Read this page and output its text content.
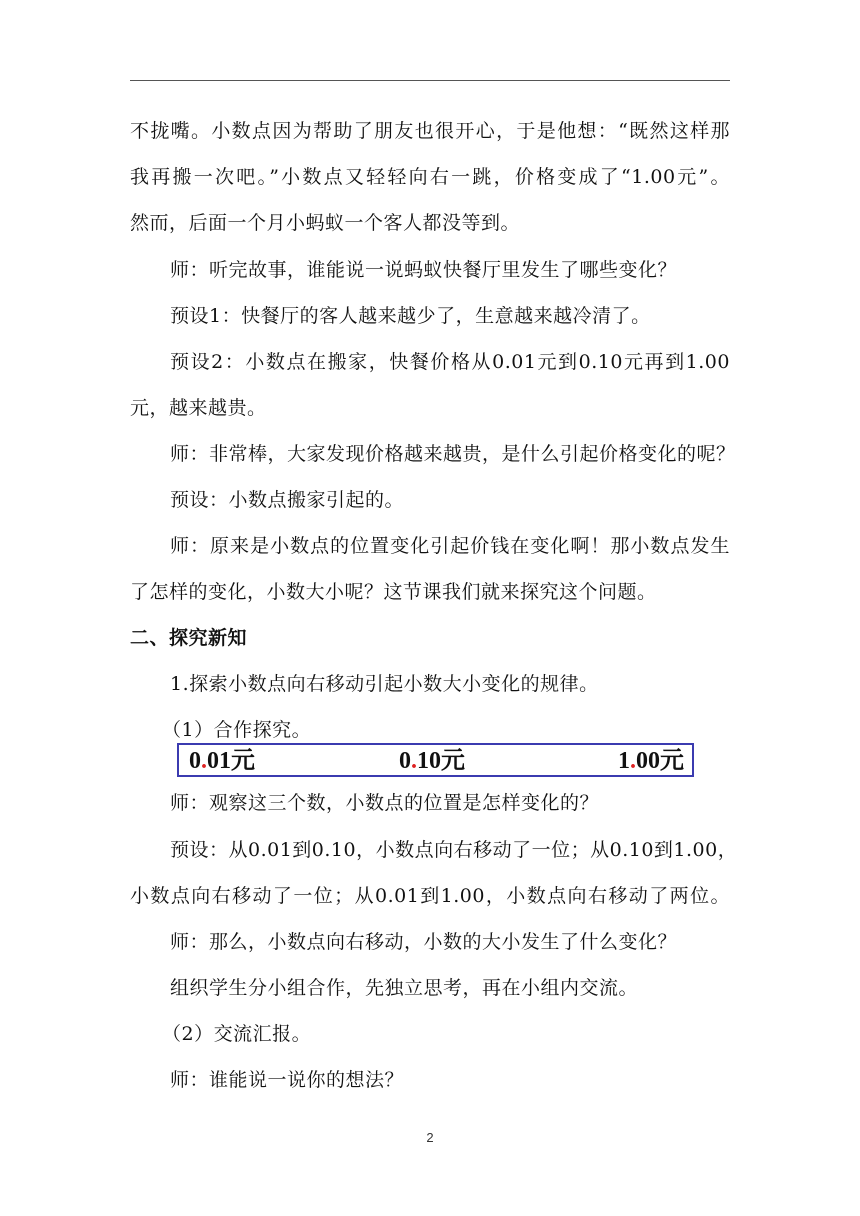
不拢嘴。小数点因为帮助了朋友也很开心，于是他想：“既然这样那
我再搬一次吧。”小数点又轻轻向右一跳，价格变成了“1.00元”。
然而，后面一个月小蚂蚁一个客人都没等到。
师：听完故事，谁能说一说蚂蚁快餐厅里发生了哪些变化？
预设1：快餐厅的客人越来越少了，生意越来越冷清了。
预设2：小数点在搬家，快餐价格从0.01元到0.10元再到1.00
元，越来越贵。
师：非常棒，大家发现价格越来越贵，是什么引起价格变化的呢？
预设：小数点搬家引起的。
师：原来是小数点的位置变化引起价钱在变化啊！那小数点发生
了怎样的变化，小数大小呢？这节课我们就来探究这个问题。
二、探究新知
1.探索小数点向右移动引起小数大小变化的规律。
（1）合作探究。
0.01元	0.10元	1.00元
师：观察这三个数，小数点的位置是怎样变化的？
预设：从0.01到0.10，小数点向右移动了一位；从0.10到1.00，
小数点向右移动了一位；从0.01到1.00，小数点向右移动了两位。
师：那么，小数点向右移动，小数的大小发生了什么变化？
组织学生分小组合作，先独立思考，再在小组内交流。
（2）交流汇报。
师：谁能说一说你的想法？
2
